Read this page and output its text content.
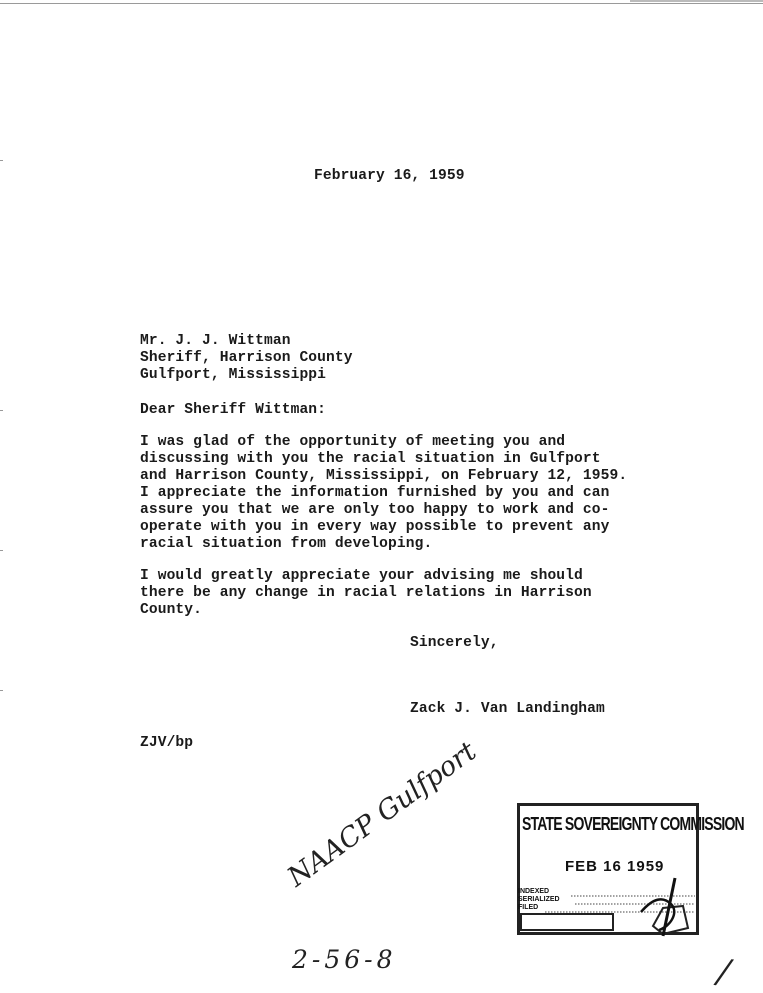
February 16, 1959
Mr. J. J. Wittman
Sheriff, Harrison County
Gulfport, Mississippi
Dear Sheriff Wittman:
I was glad of the opportunity of meeting you and
discussing with you the racial situation in Gulfport
and Harrison County, Mississippi, on February 12, 1959.
I appreciate the information furnished by you and can
assure you that we are only too happy to work and co-
operate with you in every way possible to prevent any
racial situation from developing.
I would greatly appreciate your advising me should
there be any change in racial relations in Harrison
County.
Sincerely,
Zack J. Van Landingham
ZJV/bp
STATE SOVEREIGNTY COMMISSION
FEB 16 1959
INDEXED
SERIALIZED
FILED
NAACP Gulfport
2-56-8	/
